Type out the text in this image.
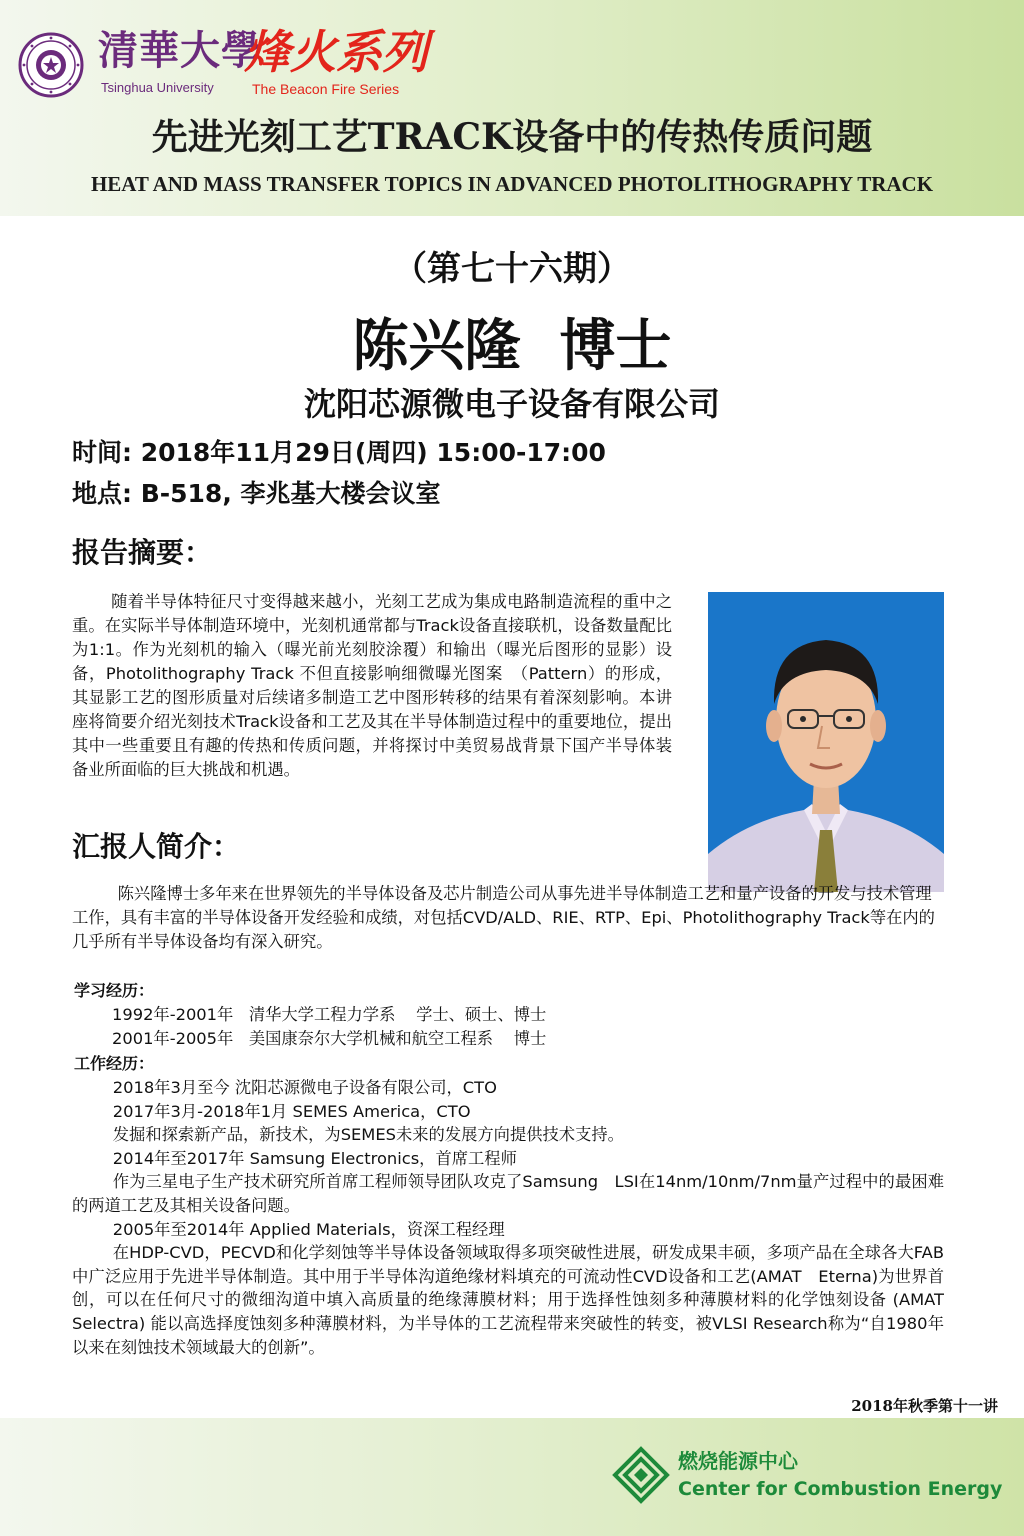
清華大學
Tsinghua University
烽火系列
The Beacon Fire Series
先进光刻工艺TRACK设备中的传热传质问题
HEAT AND MASS TRANSFER TOPICS IN ADVANCED PHOTOLITHOGRAPHY TRACK
（第七十六期）
陈兴隆  博士
沈阳芯源微电子设备有限公司
时间: 2018年11月29日(周四) 15:00-17:00
地点: B-518, 李兆基大楼会议室
报告摘要：

随着半导体特征尺寸变得越来越小，光刻工艺成为集成电路制造流程的重中之重。在实际半导体制造环境中，光刻机通常都与Track设备直接联机，设备数量配比为1:1。作为光刻机的输入（曝光前光刻胶涂覆）和输出（曝光后图形的显影）设备，Photolithography Track 不但直接影响细微曝光图案　（Pattern）的形成，其显影工艺的图形质量对后续诸多制造工艺中图形转移的结果有着深刻影响。本讲座将简要介绍光刻技术Track设备和工艺及其在半导体制造过程中的重要地位，提出其中一些重要且有趣的传热和传质问题，并将探讨中美贸易战背景下国产半导体装备业所面临的巨大挑战和机遇。

汇报人简介：

陈兴隆博士多年来在世界领先的半导体设备及芯片制造公司从事先进半导体制造工艺和量产设备的开发与技术管理工作，具有丰富的半导体设备开发经验和成绩，对包括CVD/ALD、RIE、RTP、Epi、Photolithography Track等在内的几乎所有半导体设备均有深入研究。

学习经历：
1992年-2001年   清华大学工程力学系    学士、硕士、博士
2001年-2005年   美国康奈尔大学机械和航空工程系    博士
工作经历：

2018年3月至今 沈阳芯源微电子设备有限公司，CTO

2017年3月-2018年1月 SEMES America，CTO

发掘和探索新产品，新技术，为SEMES未来的发展方向提供技术支持。

2014年至2017年 Samsung Electronics，首席工程师

作为三星电子生产技术研究所首席工程师领导团队攻克了Samsung　LSI在14nm/10nm/7nm量产过程中的最困难的两道工艺及其相关设备问题。

2005年至2014年 Applied Materials，资深工程经理

在HDP-CVD，PECVD和化学刻蚀等半导体设备领域取得多项突破性进展，研发成果丰硕，多项产品在全球各大FAB中广泛应用于先进半导体制造。其中用于半导体沟道绝缘材料填充的可流动性CVD设备和工艺(AMAT　Eterna)为世界首创，可以在任何尺寸的微细沟道中填入高质量的绝缘薄膜材料；用于选择性蚀刻多种薄膜材料的化学蚀刻设备 (AMAT Selectra) 能以高选择度蚀刻多种薄膜材料，为半导体的工艺流程带来突破性的转变，被VLSI Research称为“自1980年以来在刻蚀技术领域最大的创新”。

2018年秋季第十一讲
燃烧能源中心
Center for Combustion Energy
